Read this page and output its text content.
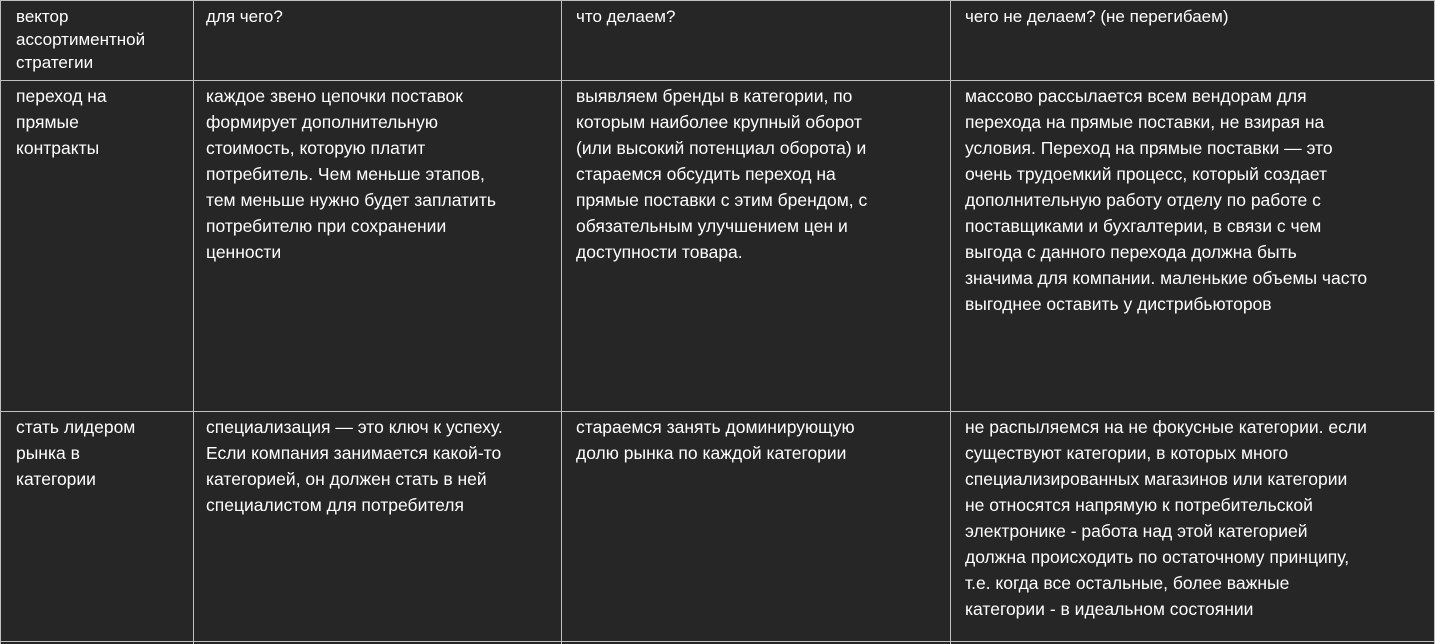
вектор
ассортиментной
стратегии
для чего?	что делаем?	чего не делаем? (не перегибаем)
переход на
прямые
контракты
каждое звено цепочки поставок
формирует дополнительную
стоимость, которую платит
потребитель. Чем меньше этапов,
тем меньше нужно будет заплатить
потребителю при сохранении
ценности
выявляем бренды в категории, по
которым наиболее крупный оборот
(или высокий потенциал оборота) и
стараемся обсудить переход на
прямые поставки с этим брендом, с
обязательным улучшением цен и
доступности товара.
массово рассылается всем вендорам для
перехода на прямые поставки, не взирая на
условия. Переход на прямые поставки — это
очень трудоемкий процесс, который создает
дополнительную работу отделу по работе с
поставщиками и бухгалтерии, в связи с чем
выгода с данного перехода должна быть
значима для компании. маленькие объемы часто
выгоднее оставить у дистрибьюторов
стать лидером
рынка в
категории
специализация — это ключ к успеху.
Если компания занимается какой-то
категорией, он должен стать в ней
специалистом для потребителя
стараемся занять доминирующую
долю рынка по каждой категории
не распыляемся на не фокусные категории. если
существуют категории, в которых много
специализированных магазинов или категории
не относятся напрямую к потребительской
электронике - работа над этой категорией
должна происходить по остаточному принципу,
т.е. когда все остальные, более важные
категории - в идеальном состоянии
